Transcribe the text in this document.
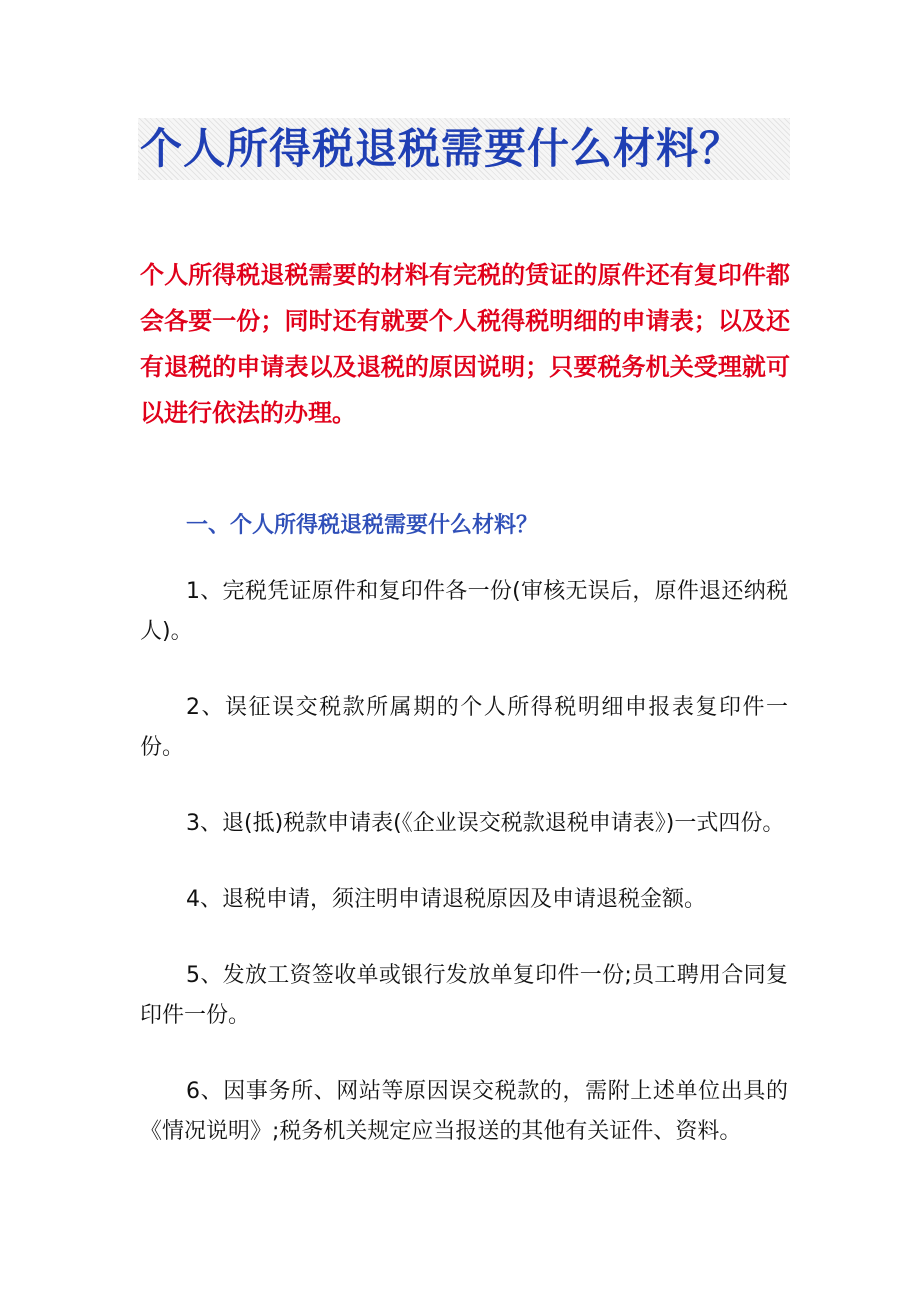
个人所得税退税需要什么材料？

个人所得税退税需要的材料有完税的赁证的原件还有复印件都会各要一份；同时还有就要个人税得税明细的申请表；以及还有退税的申请表以及退税的原因说明；只要税务机关受理就可以进行依法的办理。

一、个人所得税退税需要什么材料？
1、完税凭证原件和复印件各一份(审核无误后，原件退还纳税人)。
2、误征误交税款所属期的个人所得税明细申报表复印件一份。
3、退(抵)税款申请表(《企业误交税款退税申请表》)一式四份。
4、退税申请，须注明申请退税原因及申请退税金额。
5、发放工资签收单或银行发放单复印件一份;员工聘用合同复印件一份。
6、因事务所、网站等原因误交税款的，需附上述单位出具的《情况说明》;税务机关规定应当报送的其他有关证件、资料。
